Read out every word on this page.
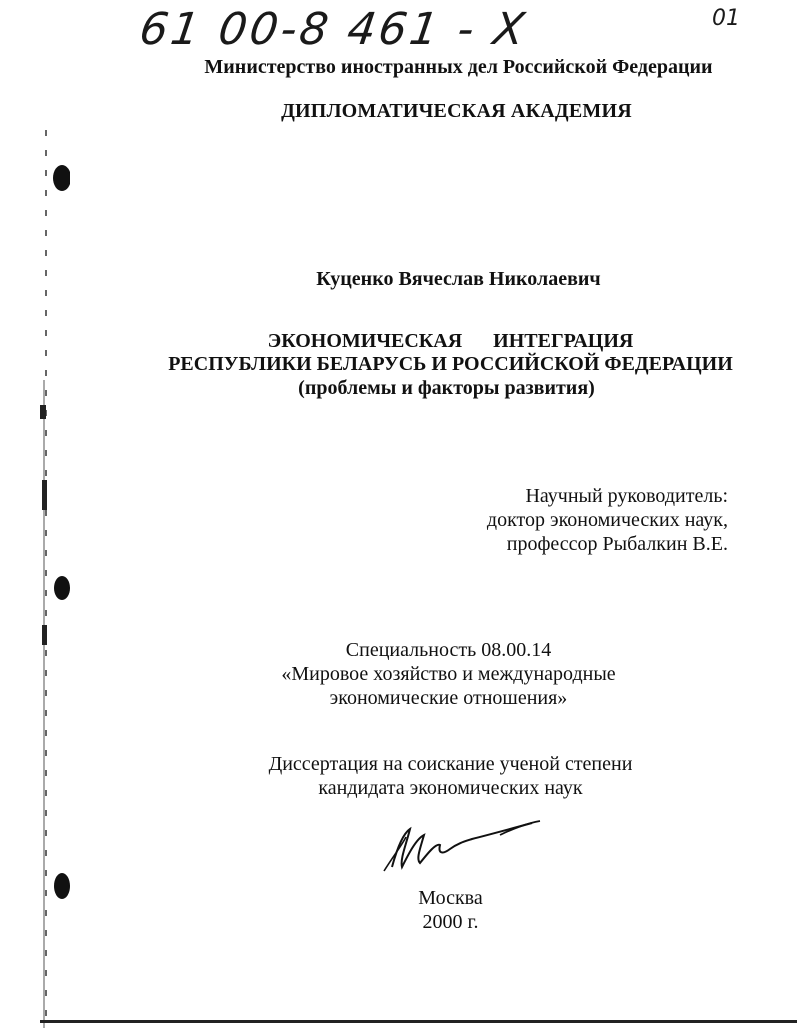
61 00-8 461 - X	01
Министерство иностранных дел Российской Федерации
ДИПЛОМАТИЧЕСКАЯ АКАДЕМИЯ
Куценко Вячеслав Николаевич
ЭКОНОМИЧЕСКАЯ ИНТЕГРАЦИЯ
РЕСПУБЛИКИ БЕЛАРУСЬ И РОССИЙСКОЙ ФЕДЕРАЦИИ
(проблемы и факторы развития)
Научный руководитель:
доктор экономических наук,
профессор Рыбалкин В.Е.
Специальность 08.00.14
«Мировое хозяйство и международные
экономические отношения»
Диссертация на соискание ученой степени
кандидата экономических наук
Москва
2000 г.
